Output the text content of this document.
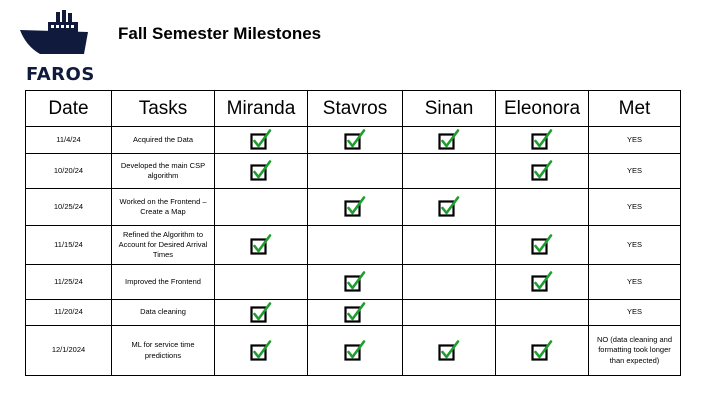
FAROS
Fall Semester Milestones
Date	Tasks	Miranda	Stavros	Sinan	Eleonora	Met
11/4/24	Acquired the Data					YES
10/20/24	Developed the main CSP algorithm					YES
10/25/24	Worked on the Frontend – Create a Map					YES
11/15/24	Refined the Algorithm to Account for Desired Arrival Times					YES
11/25/24	Improved the Frontend					YES
11/20/24	Data cleaning					YES
12/1/2024	ML for service time predictions					NO (data cleaning and formatting took longer than expected)
